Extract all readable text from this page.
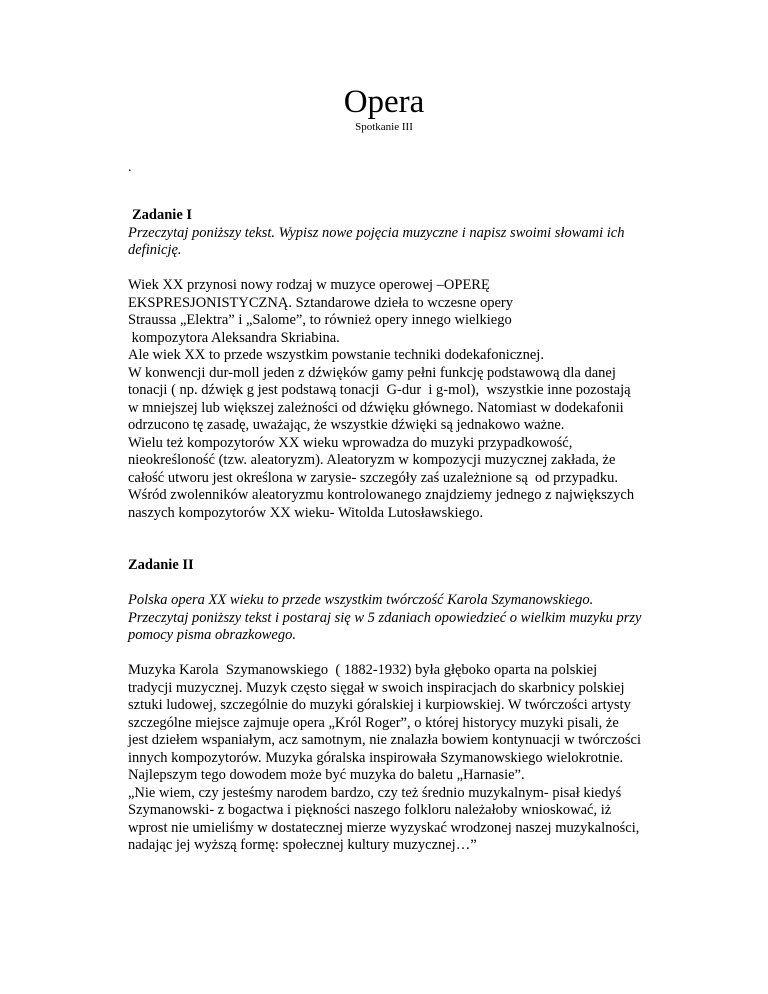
Opera
Spotkanie III
.

Zadanie I

Przeczytaj poniższy tekst. Wypisz nowe pojęcia muzyczne i napisz swoimi słowami ich
definicję.
Wiek XX przynosi nowy rodzaj w muzyce operowej –OPERĘ
EKSPRESJONISTYCZNĄ. Sztandarowe dzieła to wczesne opery
Straussa „Elektra” i „Salome”, to również opery innego wielkiego
kompozytora Aleksandra Skriabina.
Ale wiek XX to przede wszystkim powstanie techniki dodekafonicznej.
W konwencji dur-moll jeden z dźwięków gamy pełni funkcję podstawową dla danej
tonacji ( np. dźwięk g jest podstawą tonacji  G-dur  i g-mol),  wszystkie inne pozostają
w mniejszej lub większej zależności od dźwięku głównego. Natomiast w dodekafonii
odrzucono tę zasadę, uważając, że wszystkie dźwięki są jednakowo ważne.
Wielu też kompozytorów XX wieku wprowadza do muzyki przypadkowość,
nieokreśloność (tzw. aleatoryzm). Aleatoryzm w kompozycji muzycznej zakłada, że
całość utworu jest określona w zarysie- szczegóły zaś uzależnione są  od przypadku.
Wśród zwolenników aleatoryzmu kontrolowanego znajdziemy jednego z największych
naszych kompozytorów XX wieku- Witolda Lutosławskiego.

Zadanie II

Polska opera XX wieku to przede wszystkim twórczość Karola Szymanowskiego.
Przeczytaj poniższy tekst i postaraj się w 5 zdaniach opowiedzieć o wielkim muzyku przy
pomocy pisma obrazkowego.
Muzyka Karola  Szymanowskiego  ( 1882-1932) była głęboko oparta na polskiej
tradycji muzycznej. Muzyk często sięgał w swoich inspiracjach do skarbnicy polskiej
sztuki ludowej, szczególnie do muzyki góralskiej i kurpiowskiej. W twórczości artysty
szczególne miejsce zajmuje opera „Król Roger”, o której historycy muzyki pisali, że
jest dziełem wspaniałym, acz samotnym, nie znalazła bowiem kontynuacji w twórczości
innych kompozytorów. Muzyka góralska inspirowała Szymanowskiego wielokrotnie.
Najlepszym tego dowodem może być muzyka do baletu „Harnasie”.
„Nie wiem, czy jesteśmy narodem bardzo, czy też średnio muzykalnym- pisał kiedyś
Szymanowski- z bogactwa i piękności naszego folkloru należałoby wnioskować, iż
wprost nie umieliśmy w dostatecznej mierze wyzyskać wrodzonej naszej muzykalności,
nadając jej wyższą formę: społecznej kultury muzycznej…”
